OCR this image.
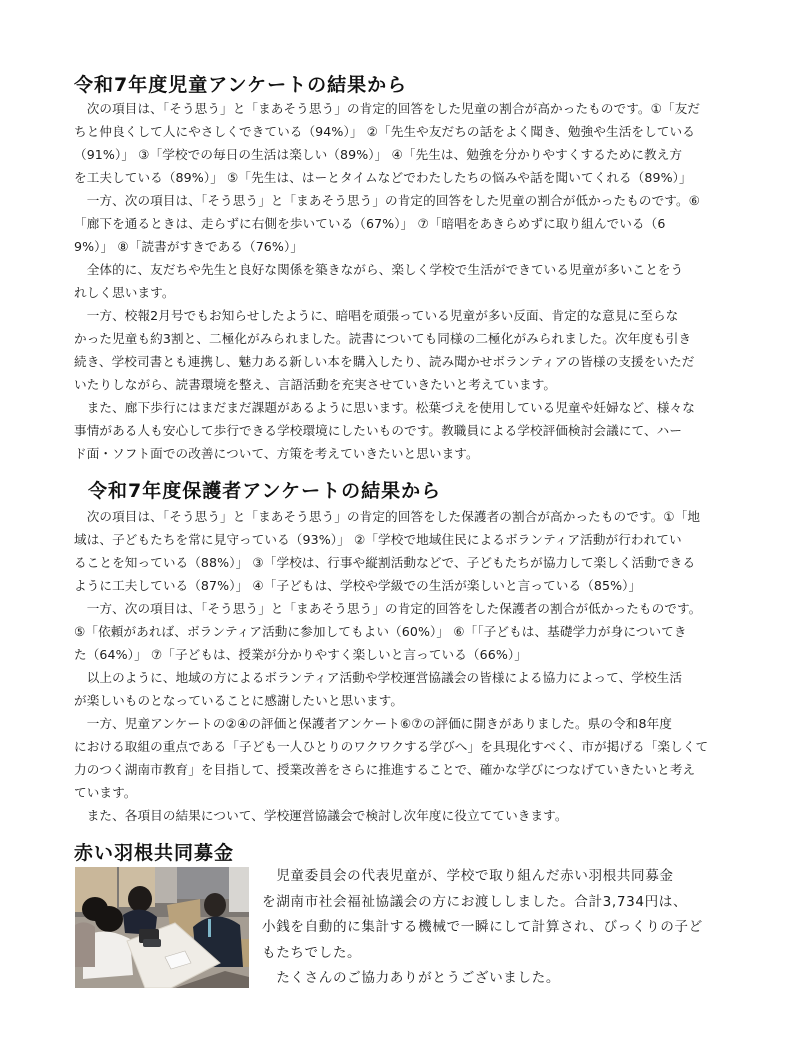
令和7年度児童アンケートの結果から
　次の項目は、「そう思う」と「まあそう思う」の肯定的回答をした児童の割合が高かったものです。①「友だ
ちと仲良くして人にやさしくできている（94%）」 ②「先生や友だちの話をよく聞き、勉強や生活をしている
（91%）」 ③「学校での毎日の生活は楽しい（89%）」 ④「先生は、勉強を分かりやすくするために教え方
を工夫している（89%）」 ⑤「先生は、はーとタイムなどでわたしたちの悩みや話を聞いてくれる（89%）」
　一方、次の項目は、「そう思う」と「まあそう思う」の肯定的回答をした児童の割合が低かったものです。⑥
「廊下を通るときは、走らずに右側を歩いている（67%）」 ⑦「暗唱をあきらめずに取り組んでいる（6
9%）」 ⑧「読書がすきである（76%）」
　全体的に、友だちや先生と良好な関係を築きながら、楽しく学校で生活ができている児童が多いことをう
れしく思います。
　一方、校報2月号でもお知らせしたように、暗唱を頑張っている児童が多い反面、肯定的な意見に至らな
かった児童も約3割と、二極化がみられました。読書についても同様の二極化がみられました。次年度も引き
続き、学校司書とも連携し、魅力ある新しい本を購入したり、読み聞かせボランティアの皆様の支援をいただ
いたりしながら、読書環境を整え、言語活動を充実させていきたいと考えています。
　また、廊下歩行にはまだまだ課題があるように思います。松葉づえを使用している児童や妊婦など、様々な
事情がある人も安心して歩行できる学校環境にしたいものです。教職員による学校評価検討会議にて、ハー
ド面・ソフト面での改善について、方策を考えていきたいと思います。
令和7年度保護者アンケートの結果から
　次の項目は、「そう思う」と「まあそう思う」の肯定的回答をした保護者の割合が高かったものです。①「地
域は、子どもたちを常に見守っている（93%）」 ②「学校で地域住民によるボランティア活動が行われてい
ることを知っている（88%）」 ③「学校は、行事や縦割活動などで、子どもたちが協力して楽しく活動できる
ように工夫している（87%）」 ④「子どもは、学校や学級での生活が楽しいと言っている（85%）」
　一方、次の項目は、「そう思う」と「まあそう思う」の肯定的回答をした保護者の割合が低かったものです。
⑤「依頼があれば、ボランティア活動に参加してもよい（60%）」 ⑥「「子どもは、基礎学力が身についてき
た（64%）」 ⑦「子どもは、授業が分かりやすく楽しいと言っている（66%）」
　以上のように、地域の方によるボランティア活動や学校運営協議会の皆様による協力によって、学校生活
が楽しいものとなっていることに感謝したいと思います。
　一方、児童アンケートの②④の評価と保護者アンケート⑥⑦の評価に開きがありました。県の令和8年度
における取組の重点である「子ども一人ひとりのワクワクする学びへ」を具現化すべく、市が掲げる「楽しくて
力のつく湖南市教育」を目指して、授業改善をさらに推進することで、確かな学びにつなげていきたいと考え
ています。
　また、各項目の結果について、学校運営協議会で検討し次年度に役立てていきます。
赤い羽根共同募金
　児童委員会の代表児童が、学校で取り組んだ赤い羽根共同募金
を湖南市社会福祉協議会の方にお渡ししました。合計3,734円は、
小銭を自動的に集計する機械で一瞬にして計算され、びっくりの子ど
もたちでした。
　たくさんのご協力ありがとうございました。
